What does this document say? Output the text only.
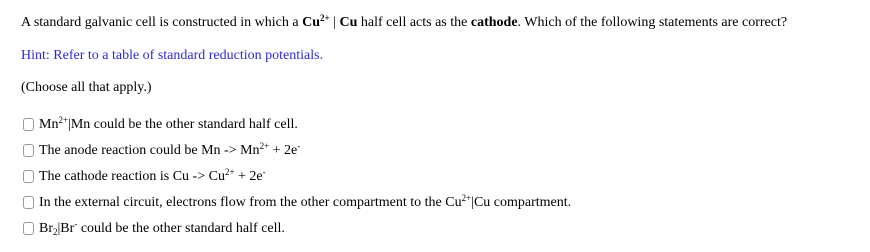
A standard galvanic cell is constructed in which a $Cu^{2+}$ | Cu half cell acts as the cathode. Which of the following statements are correct?
Hint: Refer to a table of standard reduction potentials.
(Choose all that apply.)
$Mn^{2+}|Mn$ could be the other standard half cell.
The anode reaction could be $Mn -> Mn^{2+} + 2e^-$
The cathode reaction is $Cu -> Cu^{2+} + 2e^-$
In the external circuit, electrons flow from the other compartment to the $Cu^{2+}|Cu$ compartment.
$Br_2|Br^-$ could be the other standard half cell.
